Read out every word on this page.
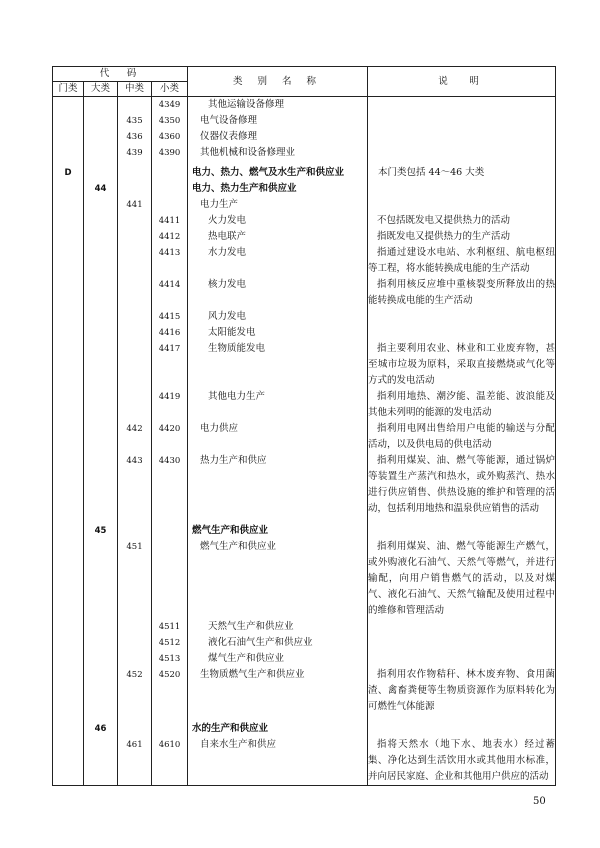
代　码				类 别 名 称	说　明
门类	大类	中类	小类		
			4349	其他运输设备修理	
		435	4350	电气设备修理	
		436	4360	仪器仪表修理	
		439	4390	其他机械和设备修理业	
D				电力、热力、燃气及水生产和供应业	本门类包括 44～46 大类
	44			电力、热力生产和供应业	
		441		电力生产	
			4411	火力发电	不包括既发电又提供热力的活动
			4412	热电联产	指既发电又提供热力的生产活动
			4413	水力发电	指通过建设水电站、水利枢纽、航电枢纽等工程，将水能转换成电能的生产活动
			4414	核力发电	指利用核反应堆中重核裂变所释放出的热能转换成电能的生产活动
			4415	风力发电	
			4416	太阳能发电	
			4417	生物质能发电	指主要利用农业、林业和工业废弃物，甚至城市垃圾为原料，采取直接燃烧或气化等方式的发电活动
			4419	其他电力生产	指利用地热、潮汐能、温差能、波浪能及其他未列明的能源的发电活动
		442	4420	电力供应	指利用电网出售给用户电能的输送与分配活动，以及供电局的供电活动
		443	4430	热力生产和供应	指利用煤炭、油、燃气等能源，通过锅炉等装置生产蒸汽和热水，或外购蒸汽、热水进行供应销售、供热设施的维护和管理的活动，包括利用地热和温泉供应销售的活动
	45			燃气生产和供应业	
		451		燃气生产和供应业	指利用煤炭、油、燃气等能源生产燃气，或外购液化石油气、天然气等燃气，并进行输配，向用户销售燃气的活动，以及对煤气、液化石油气、天然气输配及使用过程中的维修和管理活动
			4511	天然气生产和供应业	
			4512	液化石油气生产和供应业	
			4513	煤气生产和供应业	
		452	4520	生物质燃气生产和供应业	指利用农作物秸秆、林木废弃物、食用菌渣、禽畜粪便等生物质资源作为原料转化为可燃性气体能源
	46			水的生产和供应业	
		461	4610	自来水生产和供应	指将天然水（地下水、地表水）经过蓄集、净化达到生活饮用水或其他用水标准，并向居民家庭、企业和其他用户供应的活动
50
